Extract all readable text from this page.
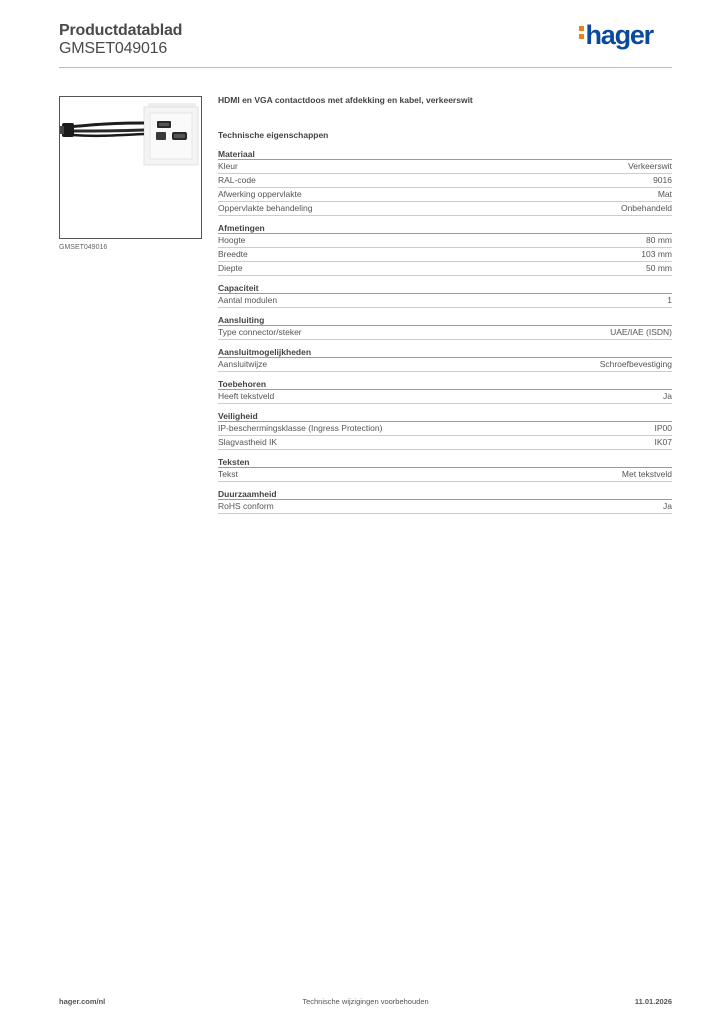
Productdatablad
GMSET049016	hager
GMSET049016
HDMI en VGA contactdoos met afdekking en kabel, verkeerswit
Technische eigenschappen
Materiaal
Kleur	Verkeerswit
RAL-code	9016
Afwerking oppervlakte	Mat
Oppervlakte behandeling	Onbehandeld
Afmetingen
Hoogte	80 mm
Breedte	103 mm
Diepte	50 mm
Capaciteit
Aantal modulen	1
Aansluiting
Type connector/steker	UAE/IAE (ISDN)
Aansluitmogelijkheden
Aansluitwijze	Schroefbevestiging
Toebehoren
Heeft tekstveld	Ja
Veiligheid
IP-beschermingsklasse (Ingress Protection)	IP00
Slagvastheid IK	IK07
Teksten
Tekst	Met tekstveld
Duurzaamheid
RoHS conform	Ja
hager.com/nl	Technische wijzigingen voorbehouden	11.01.2026
